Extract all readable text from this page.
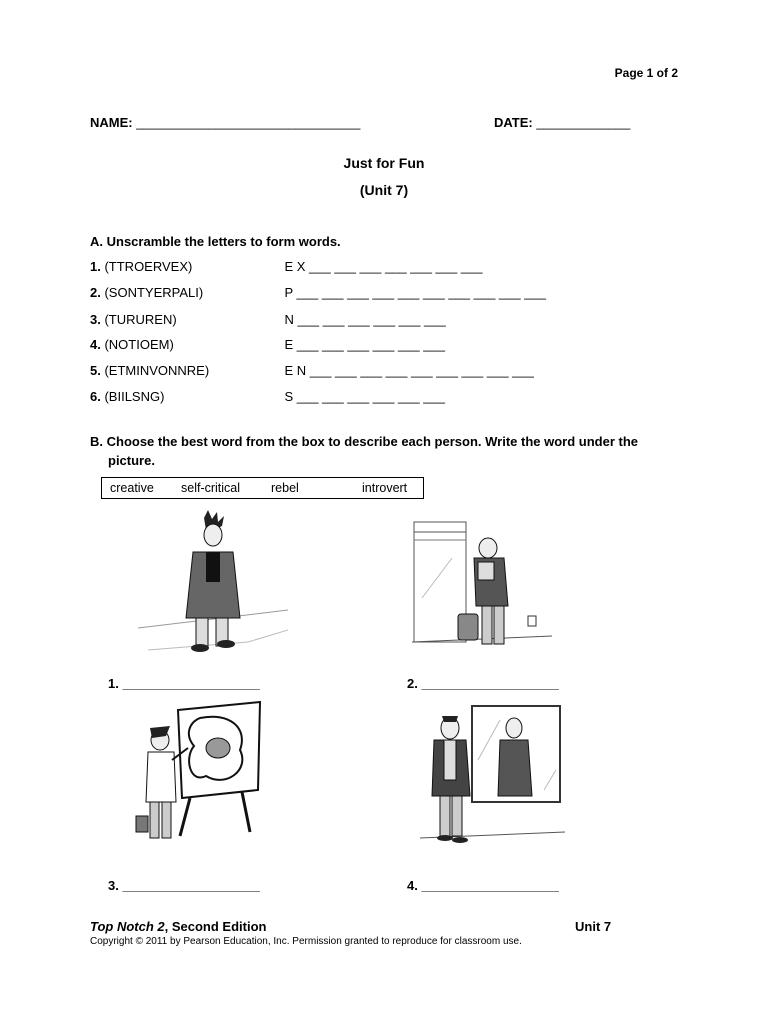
Page 1 of 2
NAME: _______________________________	DATE: _____________
Just for Fun
(Unit 7)
A. Unscramble the letters to form words.
1. (TTROERVEX)	E X ___ ___ ___ ___ ___ ___ ___
2. (SONTYERPALI)	P ___ ___ ___ ___ ___ ___ ___ ___ ___ ___
3. (TURUREN)	N ___ ___ ___ ___ ___ ___
4. (NOTIOEM)	E ___ ___ ___ ___ ___ ___
5. (ETMINVONNRE)	E N ___ ___ ___ ___ ___ ___ ___ ___ ___
6. (BIILSNG)	S ___ ___ ___ ___ ___ ___
B. Choose the best word from the box to describe each person. Write the word under the
picture.
creative self-critical rebel	introvert
1. ___________________	2. ___________________
3. ___________________	4. ___________________
Top Notch 2, Second Edition	Unit 7
Copyright © 2011 by Pearson Education, Inc. Permission granted to reproduce for classroom use.
